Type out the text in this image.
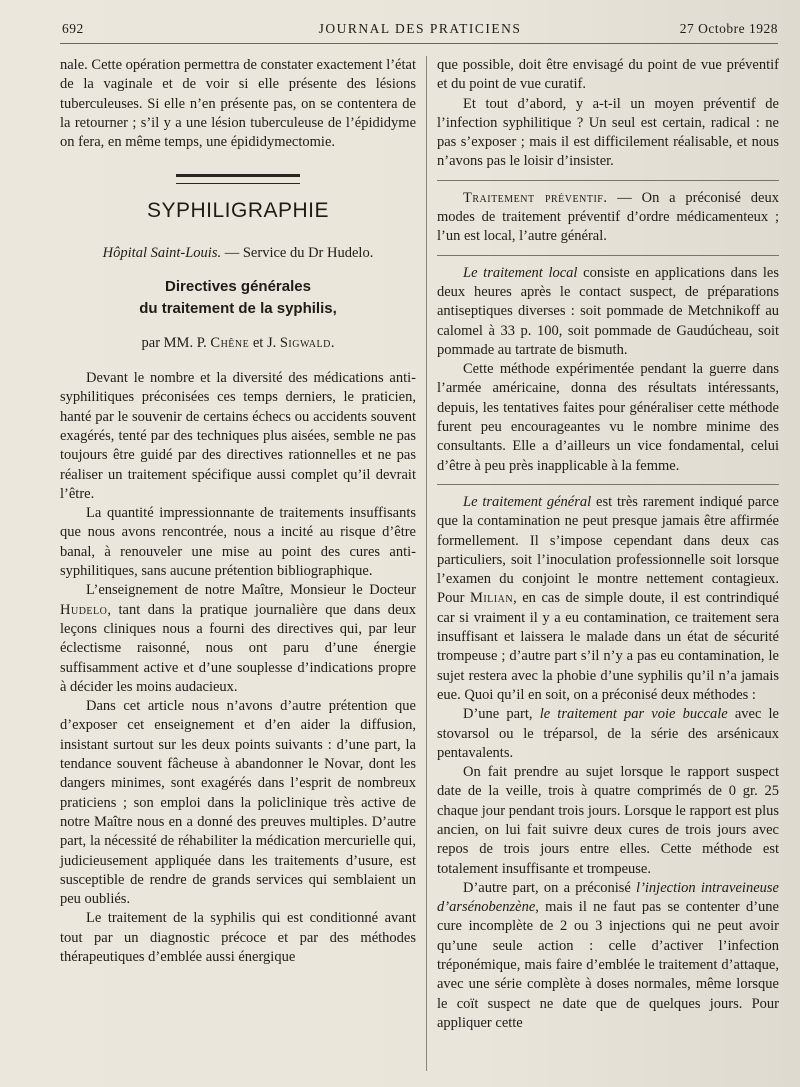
692	JOURNAL DES PRATICIENS	27 Octobre 1928

nale. Cette opération permettra de constater exactement l’état de la vaginale et de voir si elle présente des lésions tuberculeuses. Si elle n’en présente pas, on se contentera de la retourner ; s’il y a une lésion tuberculeuse de l’épididyme on fera, en même temps, une épididymectomie.

SYPHILIGRAPHIE

Hôpital Saint-Louis. — Service du Dr Hudelo.

Directives générales
du traitement de la syphilis,

par MM. P. Chêne et J. Sigwald.

Devant le nombre et la diversité des médications anti-syphilitiques préconisées ces temps derniers, le praticien, hanté par le souvenir de certains échecs ou accidents souvent exagérés, tenté par des techniques plus aisées, semble ne pas toujours être guidé par des directives rationnelles et ne pas réaliser un traitement spécifique aussi complet qu’il devrait l’être.

La quantité impressionnante de traitements insuffisants que nous avons rencontrée, nous a incité au risque d’être banal, à renouveler une mise au point des cures anti-syphilitiques, sans aucune prétention bibliographique.

L’enseignement de notre Maître, Monsieur le Docteur Hudelo, tant dans la pratique journalière que dans deux leçons cliniques nous a fourni des directives qui, par leur éclectisme raisonné, nous ont paru d’une énergie suffisamment active et d’une souplesse d’indications propre à décider les moins audacieux.

Dans cet article nous n’avons d’autre prétention que d’exposer cet enseignement et d’en aider la diffusion, insistant surtout sur les deux points suivants : d’une part, la tendance souvent fâcheuse à abandonner le Novar, dont les dangers minimes, sont exagérés dans l’esprit de nombreux praticiens ; son emploi dans la policlinique très active de notre Maître nous en a donné des preuves multiples. D’autre part, la nécessité de réhabiliter la médication mercurielle qui, judicieusement appliquée dans les traitements d’usure, est susceptible de rendre de grands services qui semblaient un peu oubliés.

Le traitement de la syphilis qui est conditionné avant tout par un diagnostic précoce et par des méthodes thérapeutiques d’emblée aussi énergique

que possible, doit être envisagé du point de vue préventif et du point de vue curatif.

Et tout d’abord, y a-t-il un moyen préventif de l’infection syphilitique ? Un seul est certain, radical : ne pas s’exposer ; mais il est difficilement réalisable, et nous n’avons pas le loisir d’insister.

Traitement préventif. — On a préconisé deux modes de traitement préventif d’ordre médicamenteux ; l’un est local, l’autre général.

Le traitement local consiste en applications dans les deux heures après le contact suspect, de préparations antiseptiques diverses : soit pommade de Metchnikoff au calomel à 33 p. 100, soit pommade de Gaudúcheau, soit pommade au tartrate de bismuth.

Cette méthode expérimentée pendant la guerre dans l’armée américaine, donna des résultats intéressants, depuis, les tentatives faites pour généraliser cette méthode furent peu encourageantes vu le nombre minime des consultants. Elle a d’ailleurs un vice fondamental, celui d’être à peu près inapplicable à la femme.

Le traitement général est très rarement indiqué parce que la contamination ne peut presque jamais être affirmée formellement. Il s’impose cependant dans deux cas particuliers, soit l’inoculation professionnelle soit lorsque l’examen du conjoint le montre nettement contagieux. Pour Milian, en cas de simple doute, il est contrindiqué car si vraiment il y a eu contamination, ce traitement sera insuffisant et laissera le malade dans un état de sécurité trompeuse ; d’autre part s’il n’y a pas eu contamination, le sujet restera avec la phobie d’une syphilis qu’il n’a jamais eue. Quoi qu’il en soit, on a préconisé deux méthodes :

D’une part, le traitement par voie buccale avec le stovarsol ou le tréparsol, de la série des arsénicaux pentavalents.

On fait prendre au sujet lorsque le rapport suspect date de la veille, trois à quatre comprimés de 0 gr. 25 chaque jour pendant trois jours. Lorsque le rapport est plus ancien, on lui fait suivre deux cures de trois jours avec repos de trois jours entre elles. Cette méthode est totalement insuffisante et trompeuse.

D’autre part, on a préconisé l’injection intraveineuse d’arsénobenzène, mais il ne faut pas se contenter d’une cure incomplète de 2 ou 3 injections qui ne peut avoir qu’une seule action : celle d’activer l’infection tréponémique, mais faire d’emblée le traitement d’attaque, avec une série complète à doses normales, même lorsque le coït suspect ne date que de quelques jours. Pour appliquer cette
